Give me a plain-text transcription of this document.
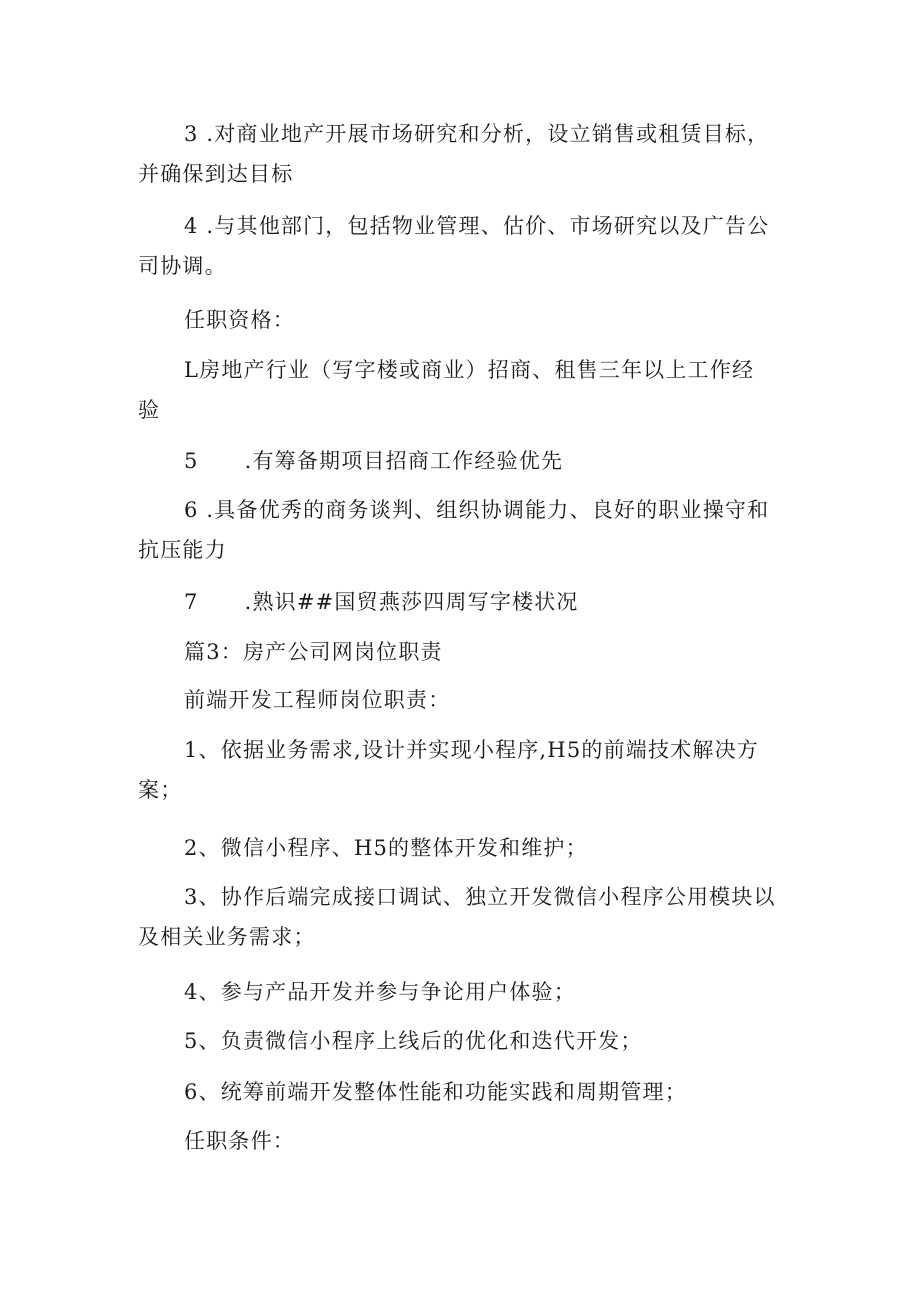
3 .对商业地产开展市场研究和分析，设立销售或租赁目标，
并确保到达目标
4 .与其他部门，包括物业管理、估价、市场研究以及广告公
司协调。
任职资格：
L房地产行业（写字楼或商业）招商、租售三年以上工作经
验
5 .有筹备期项目招商工作经验优先
6 .具备优秀的商务谈判、组织协调能力、良好的职业操守和
抗压能力
7 .熟识##国贸燕莎四周写字楼状况
篇3：房产公司网岗位职责
前端开发工程师岗位职责：
1、依据业务需求,设计并实现小程序,H5的前端技术解决方
案；
2、微信小程序、H5的整体开发和维护；
3、协作后端完成接口调试、独立开发微信小程序公用模块以
及相关业务需求；
4、参与产品开发并参与争论用户体验；
5、负责微信小程序上线后的优化和迭代开发；
6、统筹前端开发整体性能和功能实践和周期管理；
任职条件：
